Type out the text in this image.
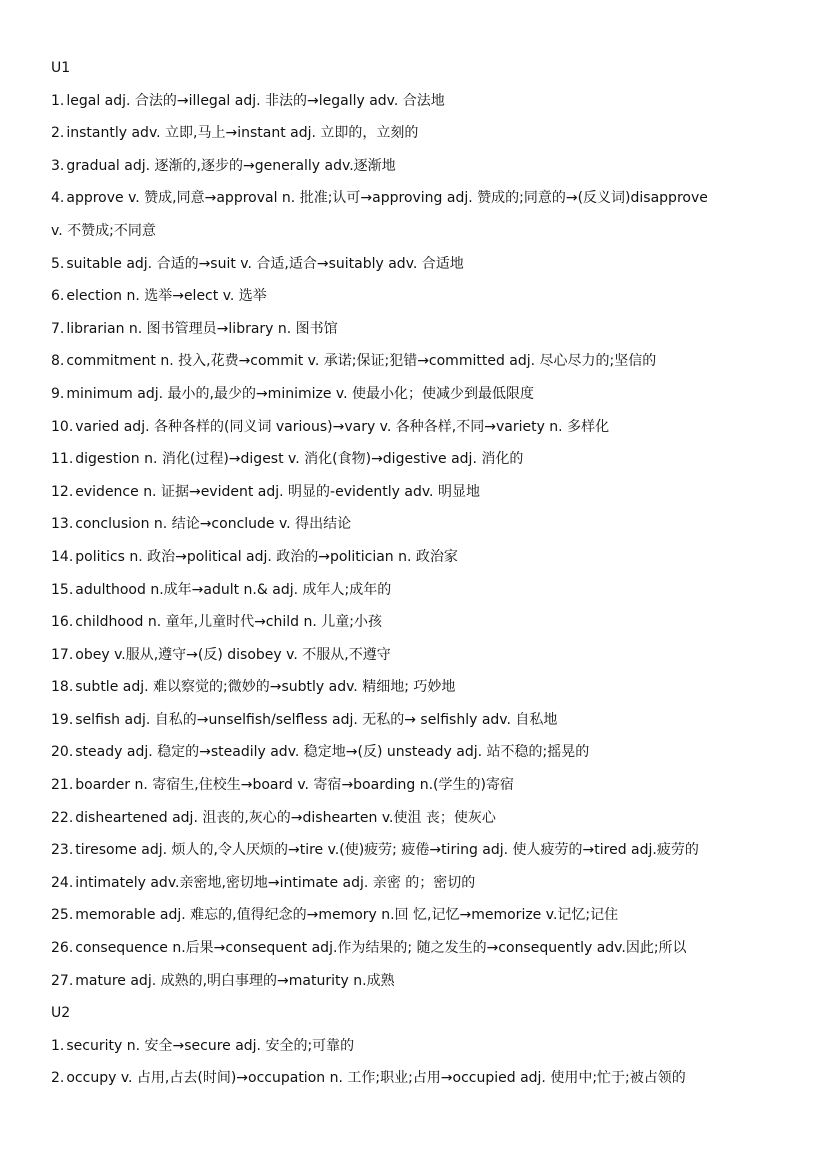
U1
1. legal adj. 合法的→illegal adj. 非法的→legally adv. 合法地
2. instantly adv. 立即,马上→instant adj. 立即的，立刻的
3. gradual adj. 逐渐的,逐步的→generally adv.逐渐地
4. approve v. 赞成,同意→approval n. 批准;认可→approving adj. 赞成的;同意的→(反义词)disapprove
v. 不赞成;不同意
5. suitable adj. 合适的→suit v. 合适,适合→suitably adv. 合适地
6. election n. 选举→elect v. 选举
7. librarian n. 图书管理员→library n. 图书馆
8. commitment n. 投入,花费→commit v. 承诺;保证;犯错→committed adj. 尽心尽力的;坚信的
9. minimum adj. 最小的,最少的→minimize v. 使最小化；使减少到最低限度
10. varied adj. 各种各样的(同义词 various)→vary v. 各种各样,不同→variety n. 多样化
11. digestion n. 消化(过程)→digest v. 消化(食物)→digestive adj. 消化的
12. evidence n. 证据→evident adj. 明显的-evidently adv. 明显地
13. conclusion n. 结论→conclude v. 得出结论
14. politics n. 政治→political adj. 政治的→politician n. 政治家
15. adulthood n.成年→adult n.& adj. 成年人;成年的
16. childhood n. 童年,儿童时代→child n. 儿童;小孩
17. obey v.服从,遵守→(反) disobey v. 不服从,不遵守
18. subtle adj. 难以察觉的;微妙的→subtly adv. 精细地; 巧妙地
19. selfish adj. 自私的→unselfish/selfless adj. 无私的→ selfishly adv. 自私地
20. steady adj. 稳定的→steadily adv. 稳定地→(反) unsteady adj. 站不稳的;摇晃的
21. boarder n. 寄宿生,住校生→board v. 寄宿→boarding n.(学生的)寄宿
22. disheartened adj. 沮丧的,灰心的→dishearten v.使沮 丧；使灰心
23. tiresome adj. 烦人的,令人厌烦的→tire v.(使)疲劳; 疲倦→tiring adj. 使人疲劳的→tired adj.疲劳的
24. intimately adv.亲密地,密切地→intimate adj. 亲密 的；密切的
25. memorable adj. 难忘的,值得纪念的→memory n.回 忆,记忆→memorize v.记忆;记住
26. consequence n.后果→consequent adj.作为结果的; 随之发生的→consequently adv.因此;所以
27. mature adj. 成熟的,明白事理的→maturity n.成熟
U2
1. security n. 安全→secure adj. 安全的;可靠的
2. occupy v. 占用,占去(时间)→occupation n. 工作;职业;占用→occupied adj. 使用中;忙于;被占领的
